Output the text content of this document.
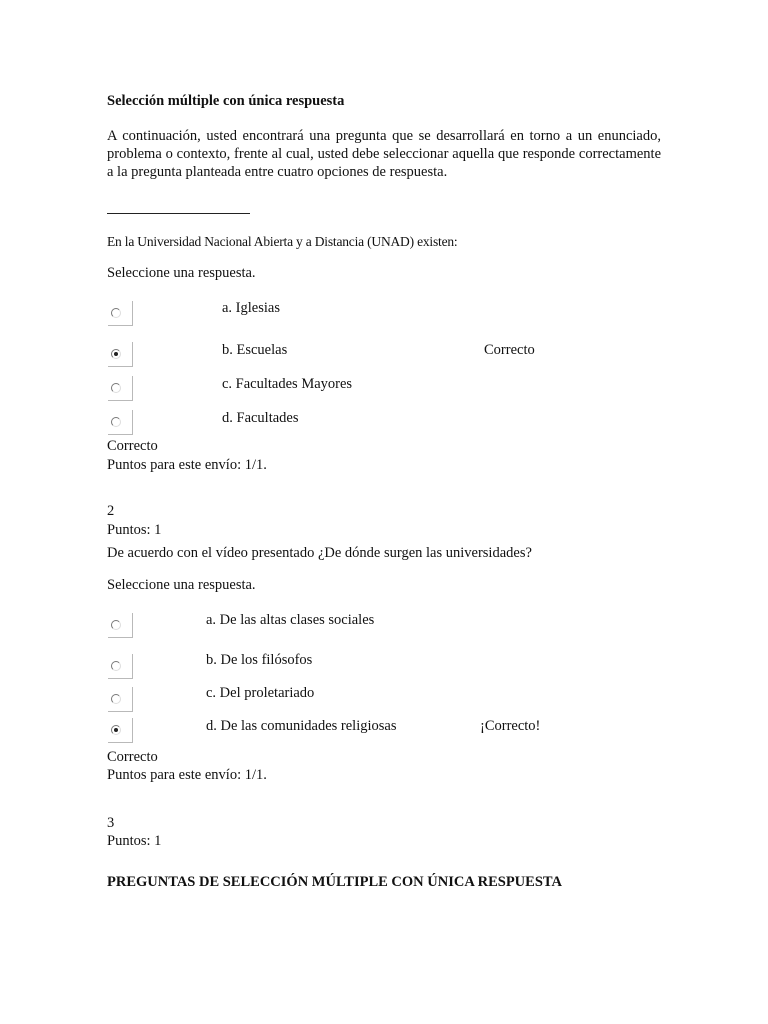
Selección múltiple con única respuesta
A continuación, usted encontrará una pregunta que se desarrollará en torno a un enunciado, problema o contexto, frente al cual, usted debe seleccionar aquella que responde correctamente a la pregunta planteada entre cuatro opciones de respuesta.
En la Universidad Nacional Abierta y a Distancia (UNAD) existen:
Seleccione una respuesta.
a. Iglesias
b. Escuelas	Correcto
c. Facultades Mayores
d. Facultades
Correcto
Puntos para este envío: 1/1.
2
Puntos: 1
De acuerdo con el vídeo presentado ¿De dónde surgen las universidades?
Seleccione una respuesta.
a. De las altas clases sociales
b. De los filósofos
c. Del proletariado
d. De las comunidades religiosas	¡Correcto!
Correcto
Puntos para este envío: 1/1.
3
Puntos: 1
PREGUNTAS DE SELECCIÓN MÚLTIPLE CON ÚNICA RESPUESTA
